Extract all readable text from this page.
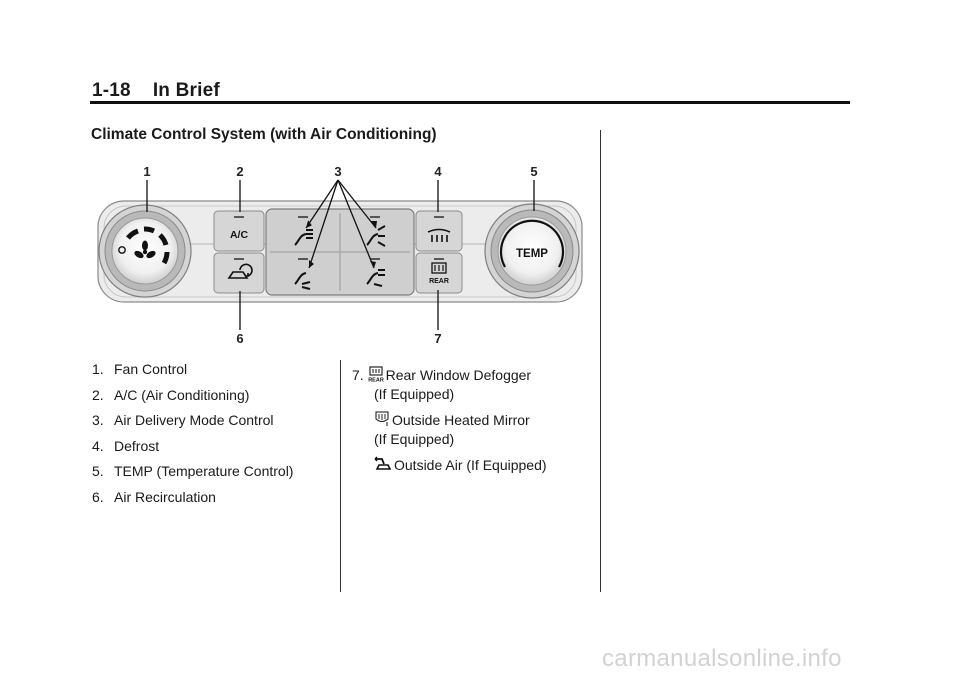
1-18 In Brief
Climate Control System (with Air Conditioning)
1	2	3	4	5
6	7
A/C
REAR
TEMP
1. Fan Control
2. A/C (Air Conditioning)
3. Air Delivery Mode Control
4. Defrost
5. TEMP (Temperature Control)
6. Air Recirculation
7. REAR Rear Window Defogger
(If Equipped)
Outside Heated Mirror
(If Equipped)
Outside Air (If Equipped)
carmanualsonline.info
